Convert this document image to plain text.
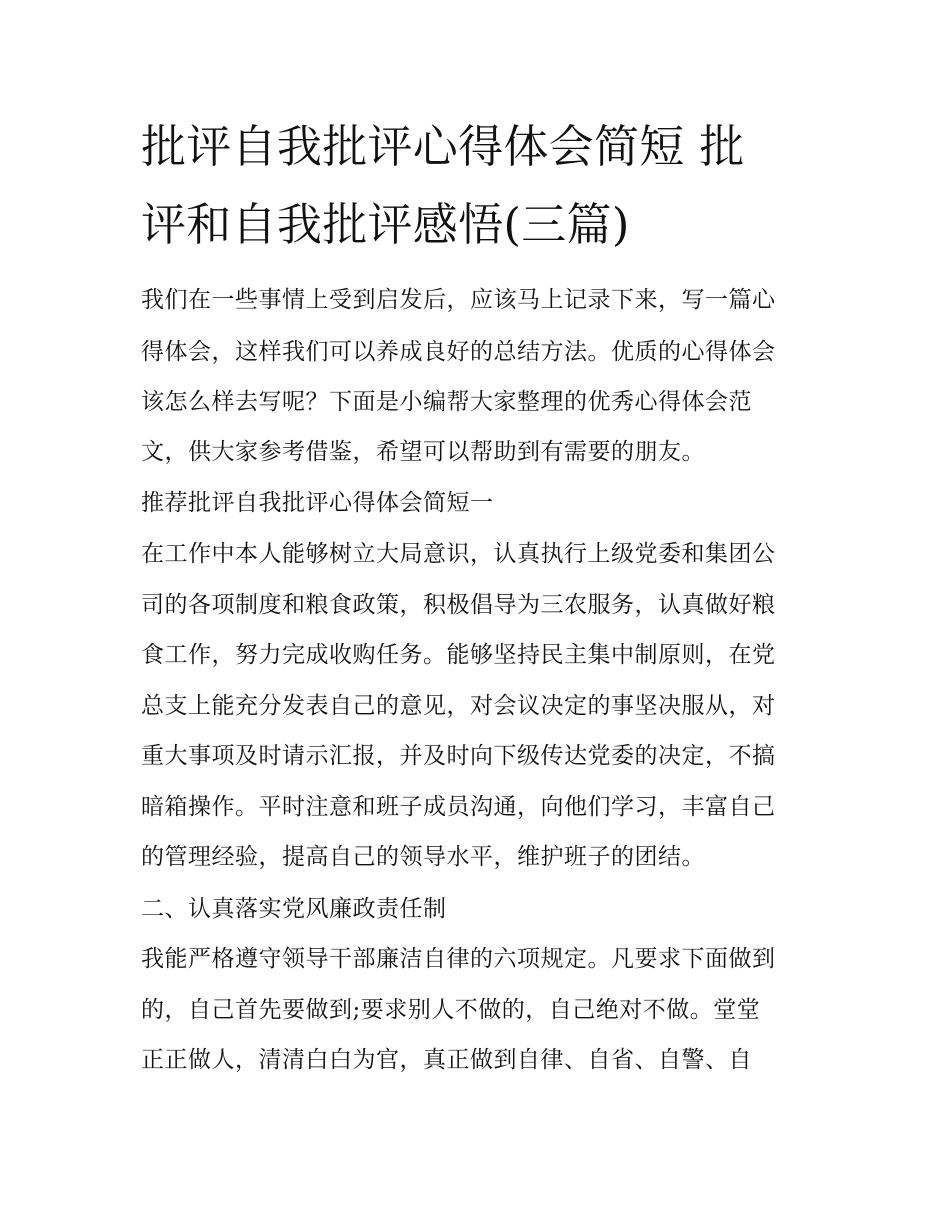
批评自我批评心得体会简短 批
评和自我批评感悟(三篇)
我们在一些事情上受到启发后，应该马上记录下来，写一篇心
得体会，这样我们可以养成良好的总结方法。优质的心得体会
该怎么样去写呢？下面是小编帮大家整理的优秀心得体会范
文，供大家参考借鉴，希望可以帮助到有需要的朋友。
推荐批评自我批评心得体会简短一
在工作中本人能够树立大局意识，认真执行上级党委和集团公
司的各项制度和粮食政策，积极倡导为三农服务，认真做好粮
食工作，努力完成收购任务。能够坚持民主集中制原则，在党
总支上能充分发表自己的意见，对会议决定的事坚决服从，对
重大事项及时请示汇报，并及时向下级传达党委的决定，不搞
暗箱操作。平时注意和班子成员沟通，向他们学习，丰富自己
的管理经验，提高自己的领导水平，维护班子的团结。
二、认真落实党风廉政责任制
我能严格遵守领导干部廉洁自律的六项规定。凡要求下面做到
的，自己首先要做到;要求别人不做的，自己绝对不做。堂堂
正正做人，清清白白为官，真正做到自律、自省、自警、自
